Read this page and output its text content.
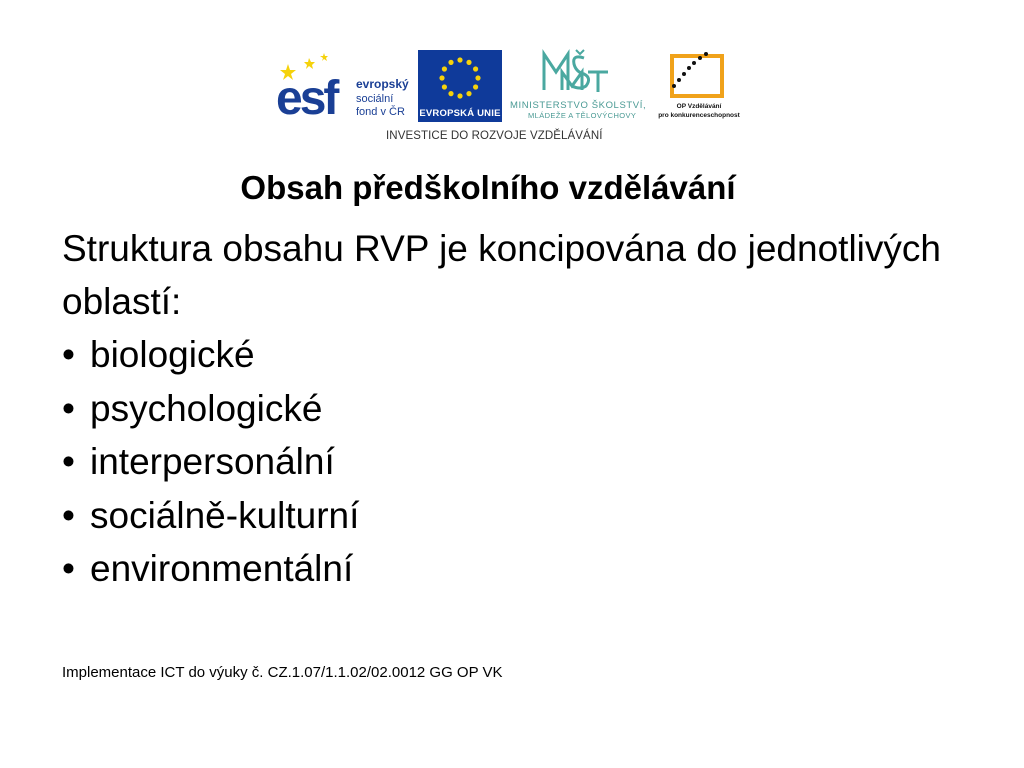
esf	evropský
sociální
fond v ČR EVROPSKÁ UNIE
MINISTERSTVO ŠKOLSTVÍ,
MLÁDEŽE A TĚLOVÝCHOVY
OP Vzdělávání
pro konkurenceschopnost
INVESTICE DO ROZVOJE VZDĚLÁVÁNÍ
Obsah předškolního vzdělávání
Struktura obsahu RVP je koncipována do jednotlivých oblastí:
• biologické
• psychologické
• interpersonální
• sociálně-kulturní
• environmentální
Implementace ICT do výuky č. CZ.1.07/1.1.02/02.0012 GG OP VK
